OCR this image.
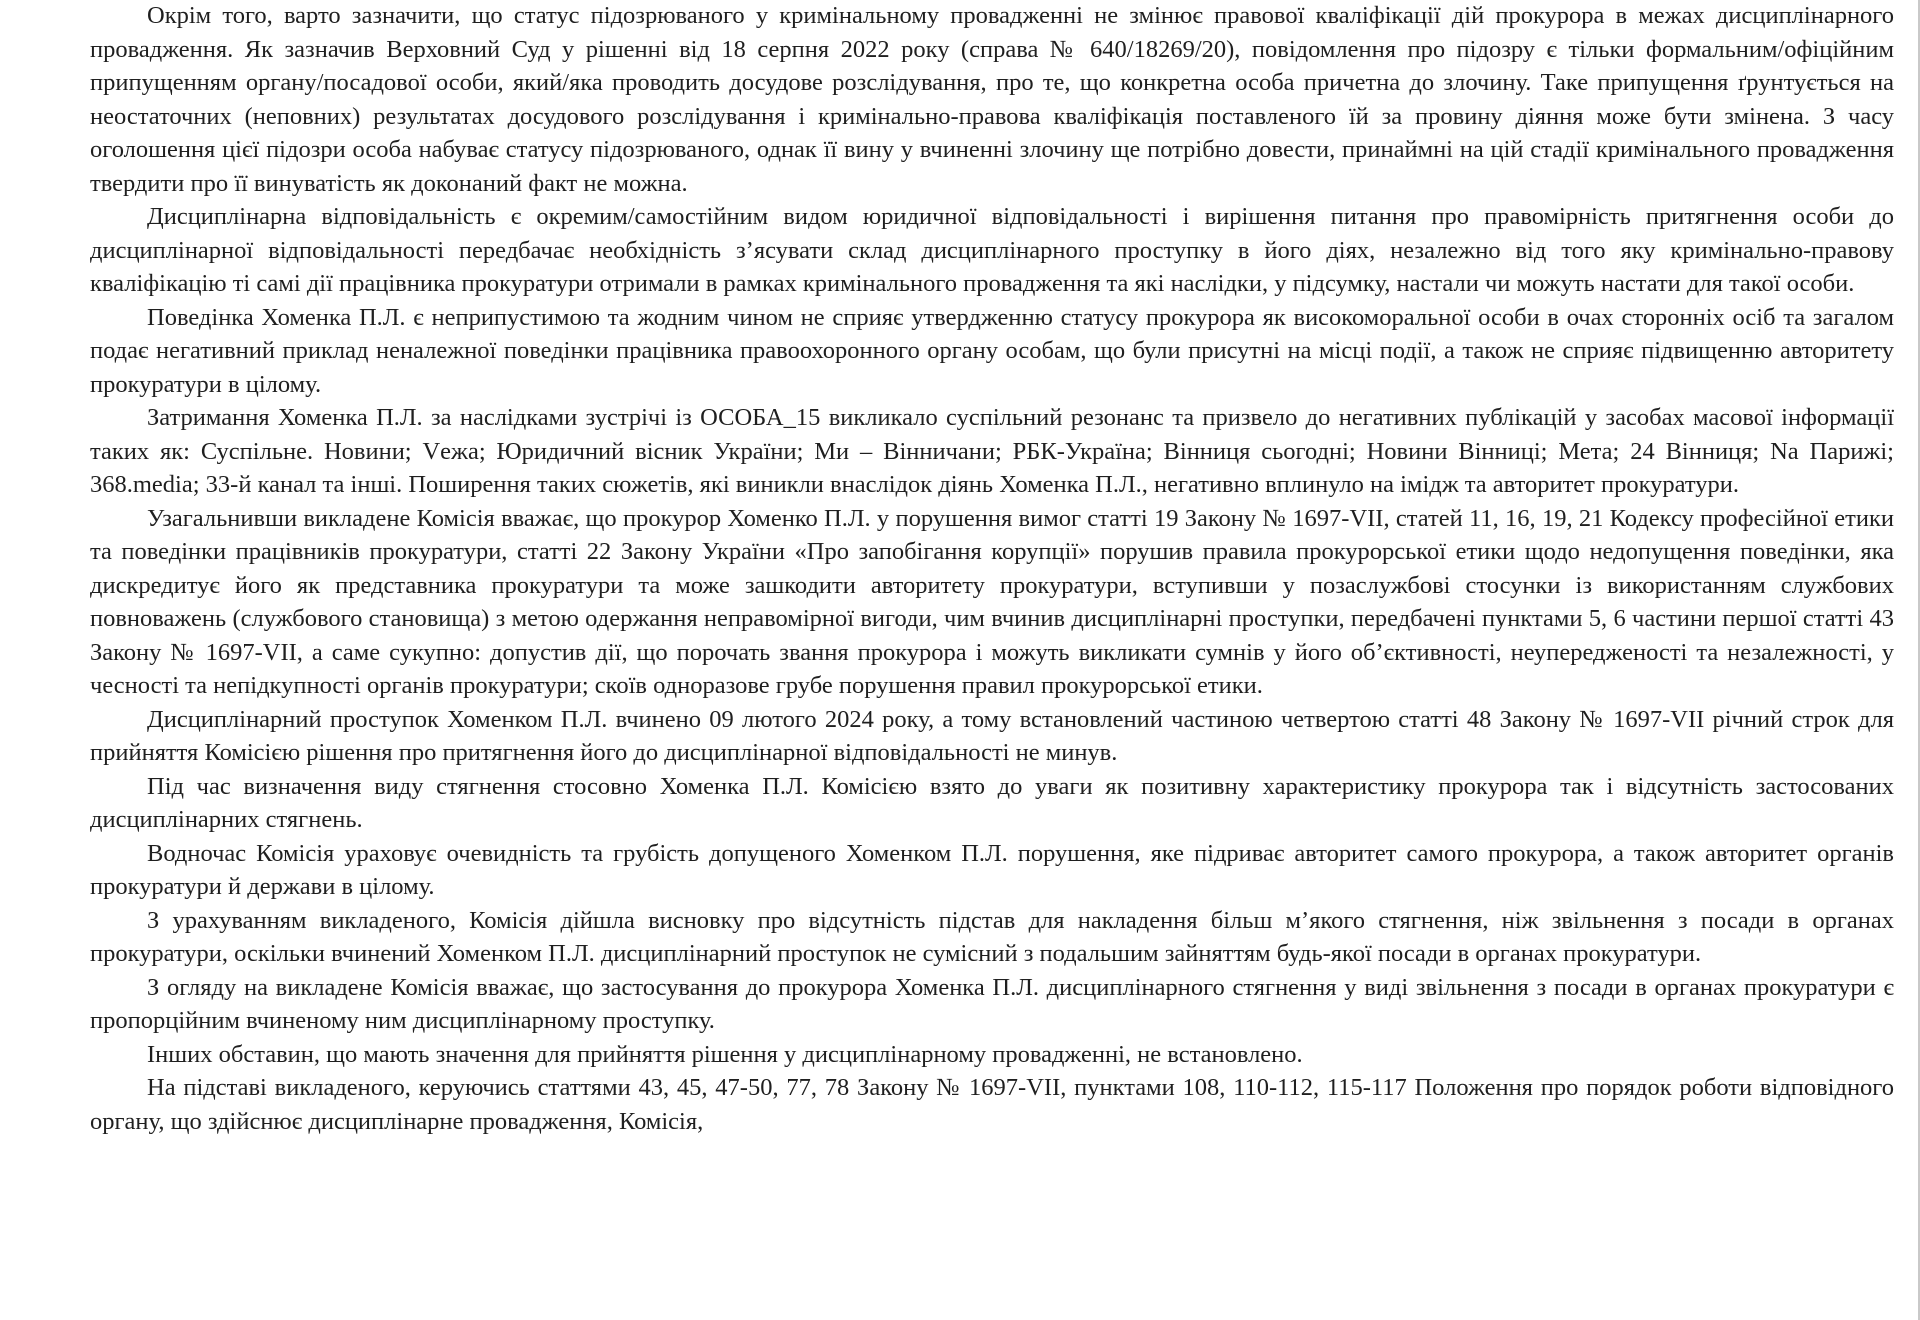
Окрім того, варто зазначити, що статус підозрюваного у кримінальному провадженні не змінює правової кваліфікації дій прокурора в межах дисциплінарного провадження. Як зазначив Верховний Суд у рішенні від 18 серпня 2022 року (справа № 640/18269/20), повідомлення про підозру є тільки формальним/офіційним припущенням органу/посадової особи, який/яка проводить досудове розслідування, про те, що конкретна особа причетна до злочину. Таке припущення ґрунтується на неостаточних (неповних) результатах досудового розслідування і кримінально-правова кваліфікація поставленого їй за провину діяння може бути змінена. З часу оголошення цієї підозри особа набуває статусу підозрюваного, однак її вину у вчиненні злочину ще потрібно довести, принаймні на цій стадії кримінального провадження твердити про її винуватість як доконаний факт не можна.

Дисциплінарна відповідальність є окремим/самостійним видом юридичної відповідальності і вирішення питання про правомірність притягнення особи до дисциплінарної відповідальності передбачає необхідність з’ясувати склад дисциплінарного проступку в його діях, незалежно від того яку кримінально-правову кваліфікацію ті самі дії працівника прокуратури отримали в рамках кримінального провадження та які наслідки, у підсумку, настали чи можуть настати для такої особи.

Поведінка Хоменка П.Л. є неприпустимою та жодним чином не сприяє утвердженню статусу прокурора як високоморальної особи в очах сторонніх осіб та загалом подає негативний приклад неналежної поведінки працівника правоохоронного органу особам, що були присутні на місці події, а також не сприяє підвищенню авторитету прокуратури в цілому.

Затримання Хоменка П.Л. за наслідками зустрічі із ОСОБА_15 викликало суспільний резонанс та призвело до негативних публікацій у засобах масової інформації таких як: Суспільне. Новини; Vежа; Юридичний вісник України; Ми – Вінничани; РБК-Україна; Вінниця сьогодні; Новини Вінниці; Мета; 24 Вінниця; Na Парижі; 368.media; 33-й канал та інші. Поширення таких сюжетів, які виникли внаслідок діянь Хоменка П.Л., негативно вплинуло на імідж та авторитет прокуратури.

Узагальнивши викладене Комісія вважає, що прокурор Хоменко П.Л. у порушення вимог статті 19 Закону № 1697-VII, статей 11, 16, 19, 21 Кодексу професійної етики та поведінки працівників прокуратури, статті 22 Закону України «Про запобігання корупції» порушив правила прокурорської етики щодо недопущення поведінки, яка дискредитує його як представника прокуратури та може зашкодити авторитету прокуратури, вступивши у позаслужбові стосунки із використанням службових повноважень (службового становища) з метою одержання неправомірної вигоди, чим вчинив дисциплінарні проступки, передбачені пунктами 5, 6 частини першої статті 43 Закону № 1697-VII, а саме сукупно: допустив дії, що порочать звання прокурора і можуть викликати сумнів у його об’єктивності, неупередженості та незалежності, у чесності та непідкупності органів прокуратури; скоїв одноразове грубе порушення правил прокурорської етики.

Дисциплінарний проступок Хоменком П.Л. вчинено 09 лютого 2024 року, а тому встановлений частиною четвертою статті 48 Закону № 1697-VII річний строк для прийняття Комісією рішення про притягнення його до дисциплінарної відповідальності не минув.

Під час визначення виду стягнення стосовно Хоменка П.Л. Комісією взято до уваги як позитивну характеристику прокурора так і відсутність застосованих дисциплінарних стягнень.

Водночас Комісія ураховує очевидність та грубість допущеного Хоменком П.Л. порушення, яке підриває авторитет самого прокурора, а також авторитет органів прокуратури й держави в цілому.

З урахуванням викладеного, Комісія дійшла висновку про відсутність підстав для накладення більш м’якого стягнення, ніж звільнення з посади в органах прокуратури, оскільки вчинений Хоменком П.Л. дисциплінарний проступок не сумісний з подальшим зайняттям будь-якої посади в органах прокуратури.

З огляду на викладене Комісія вважає, що застосування до прокурора Хоменка П.Л. дисциплінарного стягнення у виді звільнення з посади в органах прокуратури є пропорційним вчиненому ним дисциплінарному проступку.

Інших обставин, що мають значення для прийняття рішення у дисциплінарному провадженні, не встановлено.

На підставі викладеного, керуючись статтями 43, 45, 47-50, 77, 78 Закону № 1697-VII, пунктами 108, 110-112, 115-117 Положення про порядок роботи відповідного органу, що здійснює дисциплінарне провадження, Комісія,
